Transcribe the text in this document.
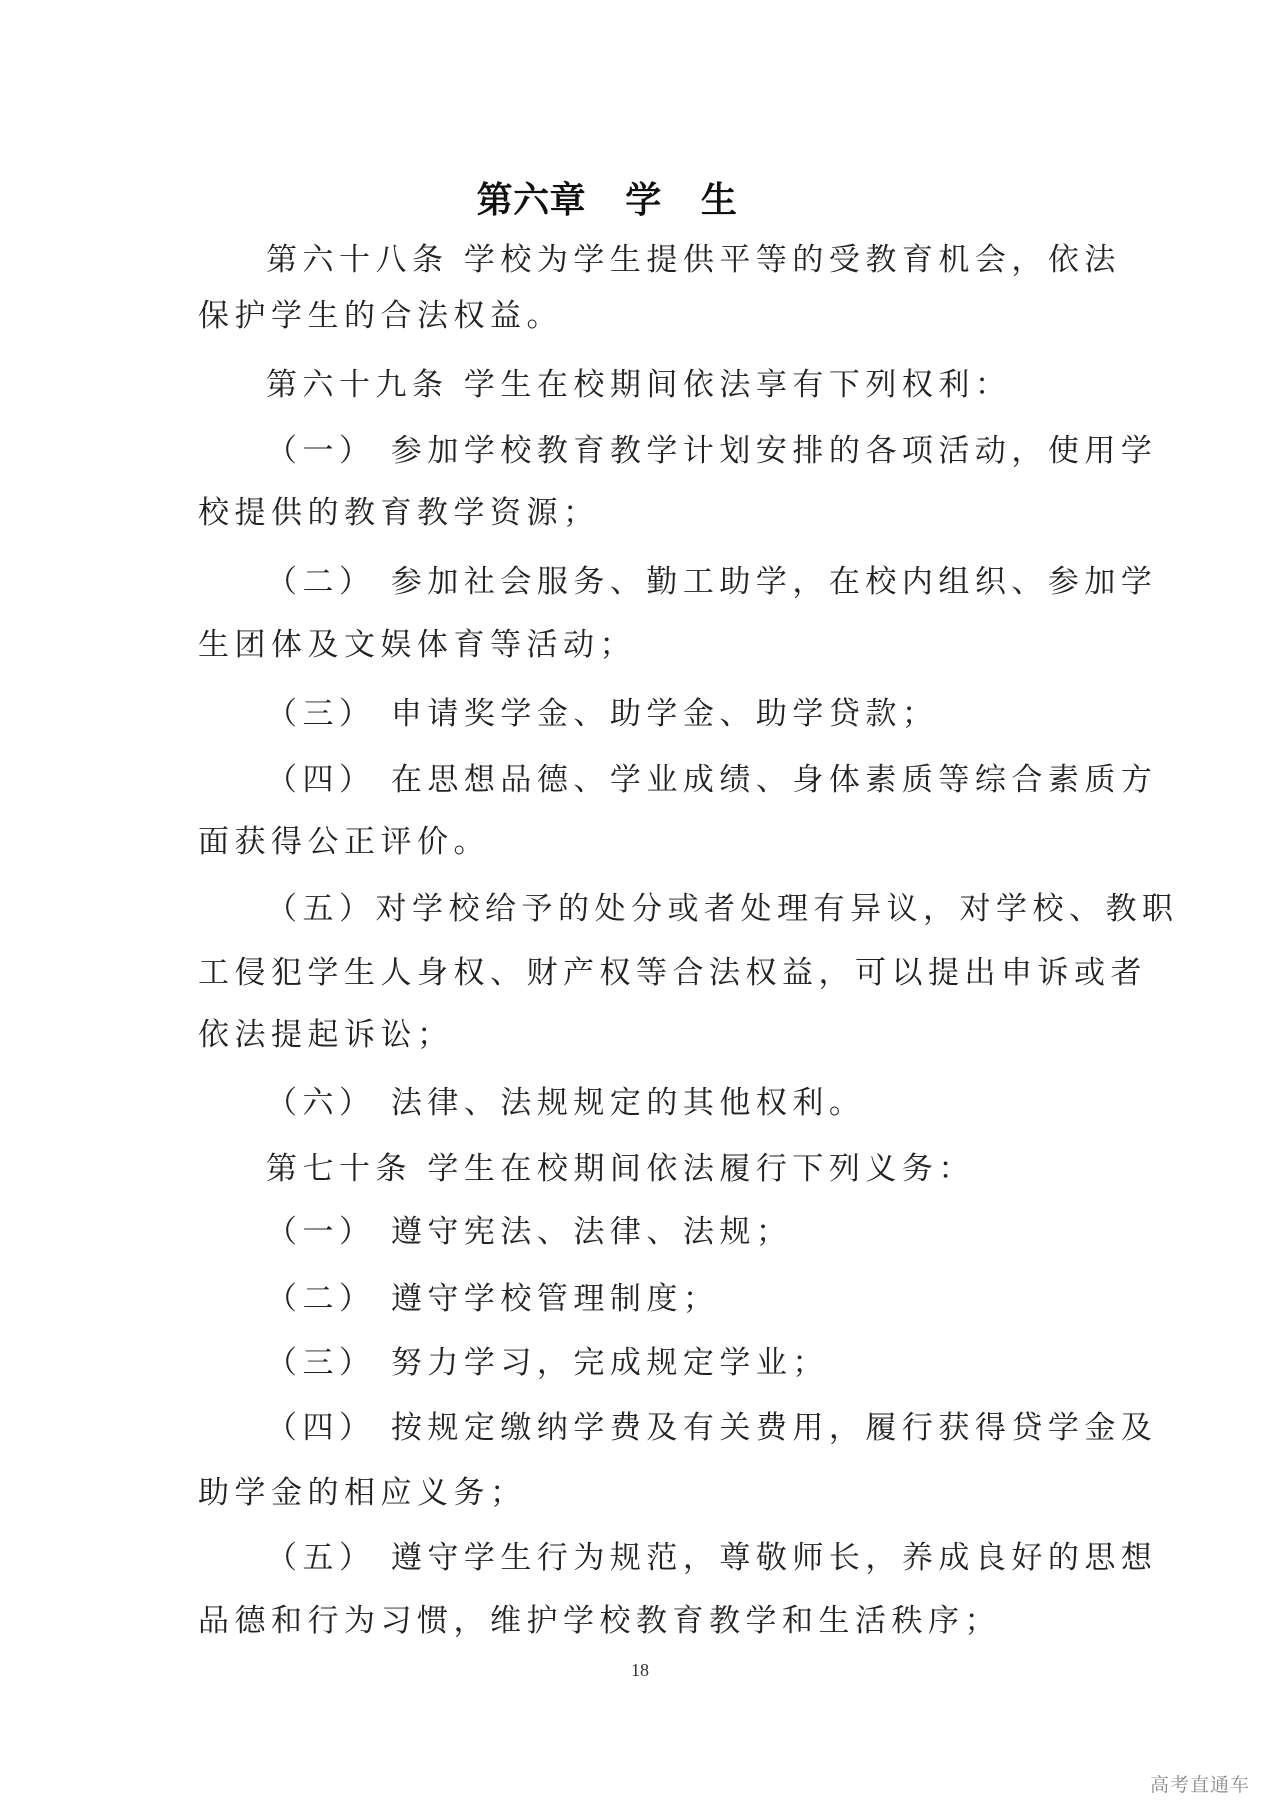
第六章   学   生
第六十八条 学校为学生提供平等的受教育机会，依法
保护学生的合法权益。
第六十九条 学生在校期间依法享有下列权利：
（一） 参加学校教育教学计划安排的各项活动，使用学
校提供的教育教学资源；
（二） 参加社会服务、勤工助学，在校内组织、参加学
生团体及文娱体育等活动；
（三） 申请奖学金、助学金、助学贷款；
（四） 在思想品德、学业成绩、身体素质等综合素质方
面获得公正评价。
（五）对学校给予的处分或者处理有异议，对学校、教职
工侵犯学生人身权、财产权等合法权益，可以提出申诉或者
依法提起诉讼；
（六） 法律、法规规定的其他权利。
第七十条 学生在校期间依法履行下列义务：
（一） 遵守宪法、法律、法规；
（二） 遵守学校管理制度；
（三） 努力学习，完成规定学业；
（四） 按规定缴纳学费及有关费用，履行获得贷学金及
助学金的相应义务；
（五） 遵守学生行为规范，尊敬师长，养成良好的思想
品德和行为习惯，维护学校教育教学和生活秩序；
18
高考直通车
